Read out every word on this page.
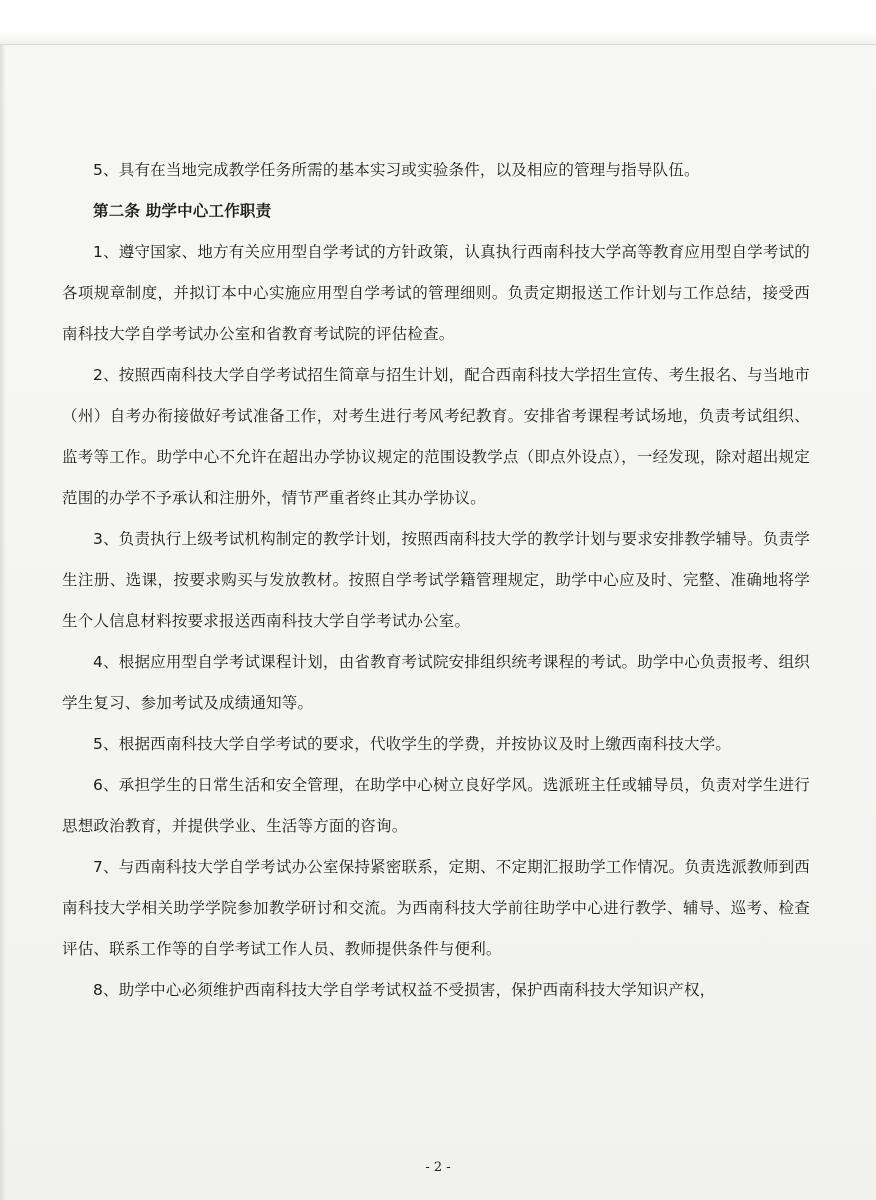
5、具有在当地完成教学任务所需的基本实习或实验条件，以及相应的管理与指导队伍。

第二条 助学中心工作职责

1、遵守国家、地方有关应用型自学考试的方针政策，认真执行西南科技大学高等教育应用型自学考试的各项规章制度，并拟订本中心实施应用型自学考试的管理细则。负责定期报送工作计划与工作总结，接受西南科技大学自学考试办公室和省教育考试院的评估检查。

2、按照西南科技大学自学考试招生简章与招生计划，配合西南科技大学招生宣传、考生报名、与当地市（州）自考办衔接做好考试准备工作，对考生进行考风考纪教育。安排省考课程考试场地，负责考试组织、监考等工作。助学中心不允许在超出办学协议规定的范围设教学点（即点外设点），一经发现，除对超出规定范围的办学不予承认和注册外，情节严重者终止其办学协议。

3、负责执行上级考试机构制定的教学计划，按照西南科技大学的教学计划与要求安排教学辅导。负责学生注册、选课，按要求购买与发放教材。按照自学考试学籍管理规定，助学中心应及时、完整、准确地将学生个人信息材料按要求报送西南科技大学自学考试办公室。

4、根据应用型自学考试课程计划，由省教育考试院安排组织统考课程的考试。助学中心负责报考、组织学生复习、参加考试及成绩通知等。

5、根据西南科技大学自学考试的要求，代收学生的学费，并按协议及时上缴西南科技大学。

6、承担学生的日常生活和安全管理，在助学中心树立良好学风。选派班主任或辅导员，负责对学生进行思想政治教育，并提供学业、生活等方面的咨询。

7、与西南科技大学自学考试办公室保持紧密联系，定期、不定期汇报助学工作情况。负责选派教师到西南科技大学相关助学学院参加教学研讨和交流。为西南科技大学前往助学中心进行教学、辅导、巡考、检查评估、联系工作等的自学考试工作人员、教师提供条件与便利。

8、助学中心必须维护西南科技大学自学考试权益不受损害，保护西南科技大学知识产权，

- 2 -
